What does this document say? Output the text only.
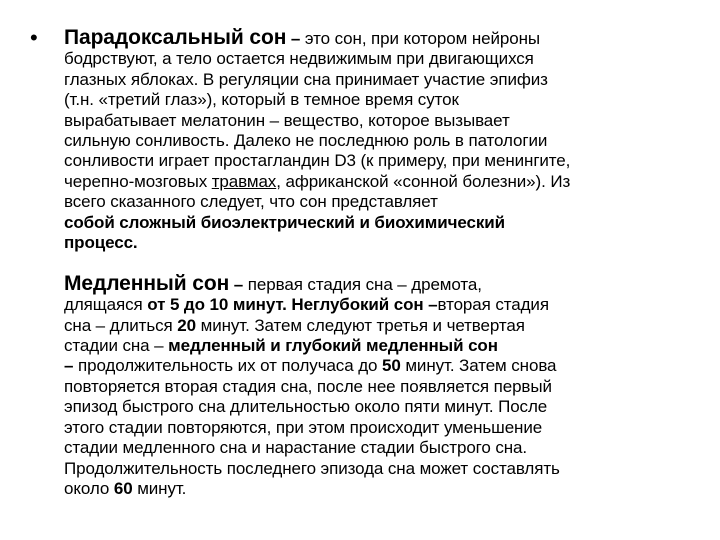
• Парадоксальный сон – это сон, при котором нейроны
бодрствуют, а тело остается недвижимым при двигающихся
глазных яблоках. В регуляции сна принимает участие эпифиз
(т.н. «третий глаз»), который в темное время суток
вырабатывает мелатонин – вещество, которое вызывает
сильную сонливость. Далеко не последнюю роль в патологии
сонливости играет простагландин D3 (к примеру, при менингите,
черепно-мозговых травмах, африканской «сонной болезни»). Из
всего сказанного следует, что сон представляет
собой сложный биоэлектрический и биохимический
процесс.

Медленный сон – первая стадия сна – дремота,
длящаяся от 5 до 10 минут. Неглубокий сон –вторая стадия
сна – длиться 20 минут. Затем следуют третья и четвертая
стадии сна – медленный и глубокий медленный сон
– продолжительность их от получаса до 50 минут. Затем снова
повторяется вторая стадия сна, после нее появляется первый
эпизод быстрого сна длительностью около пяти минут. После
этого стадии повторяются, при этом происходит уменьшение
стадии медленного сна и нарастание стадии быстрого сна.
Продолжительность последнего эпизода сна может составлять
около 60 минут.
